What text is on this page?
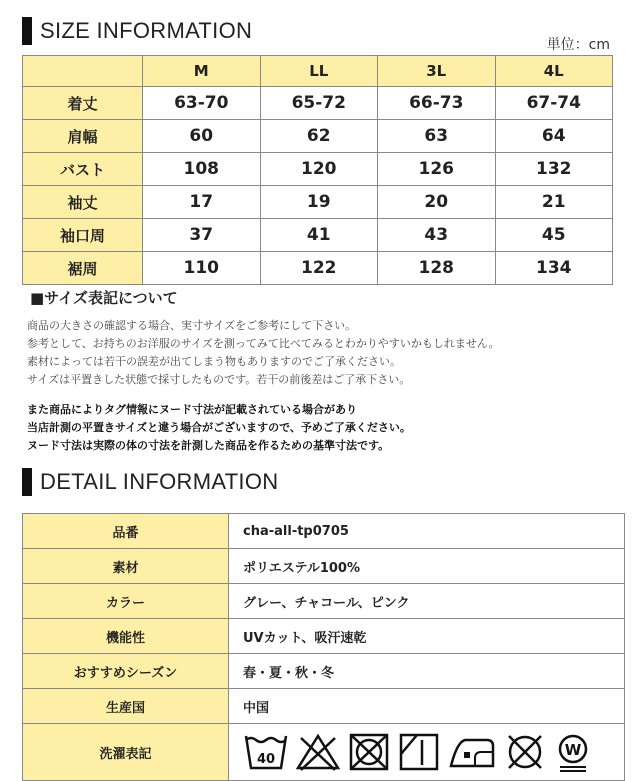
SIZE INFORMATION
単位：cm
	M	LL	3L	4L
着丈	63-70	65-72	66-73	67-74
肩幅	60	62	63	64
バスト	108	120	126	132
袖丈	17	19	20	21
袖口周	37	41	43	45
裾周	110	122	128	134
■サイズ表記について
商品の大きさの確認する場合、実寸サイズをご参考にして下さい。
参考として、お持ちのお洋服のサイズを測ってみて比べてみるとわかりやすいかもしれません。
素材によっては若干の誤差が出てしまう物もありますのでご了承ください。
サイズは平置きした状態で採寸したものです。若干の前後差はご了承下さい。
また商品によりタグ情報にヌード寸法が記載されている場合があり
当店計測の平置きサイズと違う場合がございますので、予めご了承ください。
ヌード寸法は実際の体の寸法を計測した商品を作るための基準寸法です。
DETAIL INFORMATION
品番	cha-all-tp0705
素材	ポリエステル100%
カラー	グレー、チャコール、ピンク
機能性	UVカット、吸汗速乾
おすすめシーズン	春・夏・秋・冬
生産国	中国
洗濯表記	40
W
